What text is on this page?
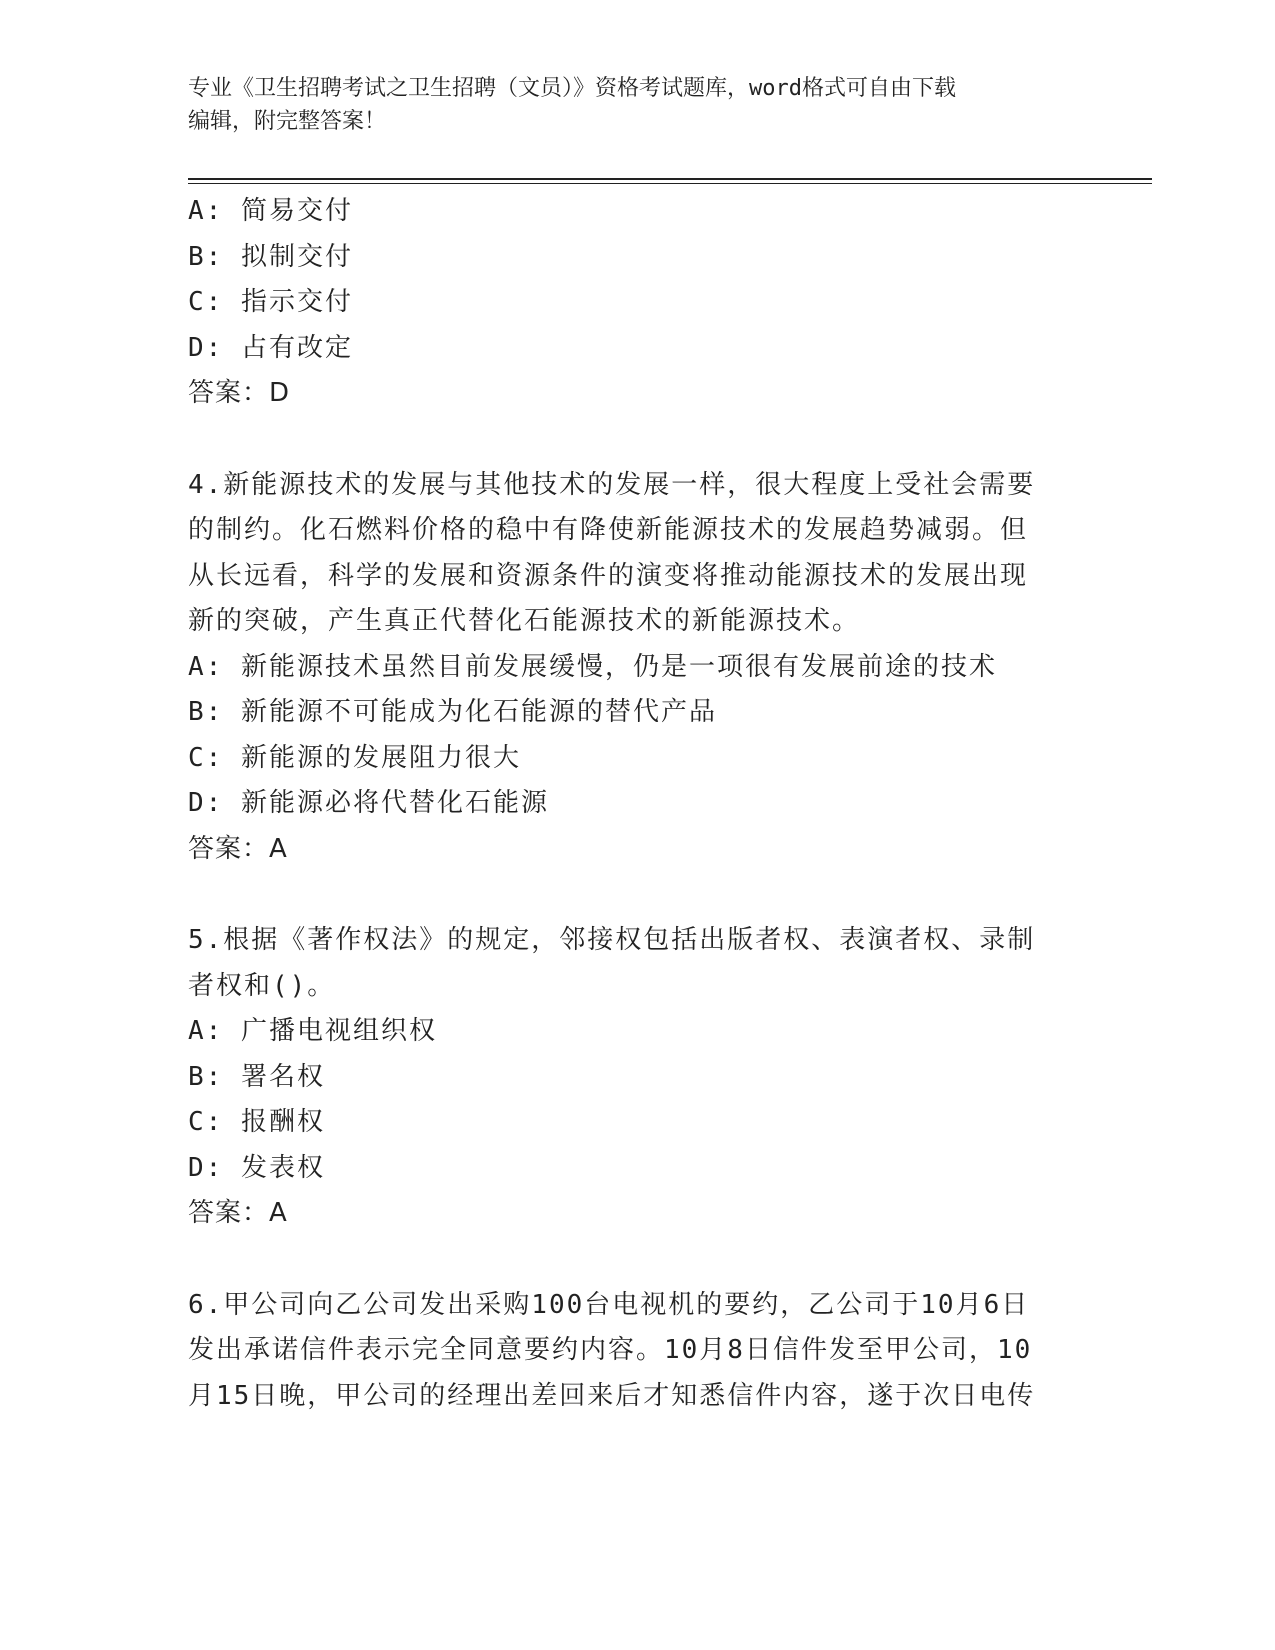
专业《卫生招聘考试之卫生招聘（文员）》资格考试题库，word格式可自由下载
编辑，附完整答案！
A: 简易交付
B: 拟制交付
C: 指示交付
D: 占有改定
答案：D
4.新能源技术的发展与其他技术的发展一样，很大程度上受社会需要
的制约。化石燃料价格的稳中有降使新能源技术的发展趋势减弱。但
从长远看，科学的发展和资源条件的演变将推动能源技术的发展出现
新的突破，产生真正代替化石能源技术的新能源技术。
A: 新能源技术虽然目前发展缓慢，仍是一项很有发展前途的技术
B: 新能源不可能成为化石能源的替代产品
C: 新能源的发展阻力很大
D: 新能源必将代替化石能源
答案：A
5.根据《著作权法》的规定，邻接权包括出版者权、表演者权、录制
者权和()。
A: 广播电视组织权
B: 署名权
C: 报酬权
D: 发表权
答案：A
6.甲公司向乙公司发出采购100台电视机的要约，乙公司于10月6日
发出承诺信件表示完全同意要约内容。10月8日信件发至甲公司，10
月15日晚，甲公司的经理出差回来后才知悉信件内容，遂于次日电传
